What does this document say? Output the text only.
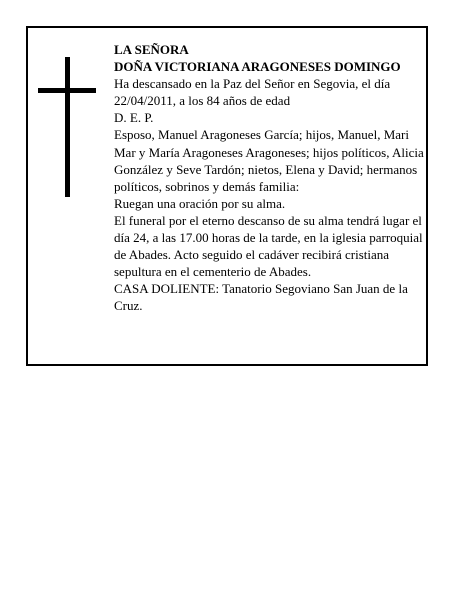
LA SEÑORA

DOÑA VICTORIANA ARAGONESES DOMINGO

Ha descansado en la Paz del Señor en Segovia, el día 22/04/2011, a los 84 años de edad

D. E. P.

Esposo, Manuel Aragoneses García; hijos, Manuel, Mari Mar y María Aragoneses Aragoneses; hijos políticos, Alicia González y Seve Tardón; nietos, Elena y David; hermanos políticos, sobrinos y demás familia:

Ruegan una oración por su alma.

El funeral por el eterno descanso de su alma tendrá lugar el día 24, a las 17.00 horas de la tarde, en la iglesia parroquial de Abades. Acto seguido el cadáver recibirá cristiana sepultura en el cementerio de Abades.

CASA DOLIENTE: Tanatorio Segoviano San Juan de la Cruz.
